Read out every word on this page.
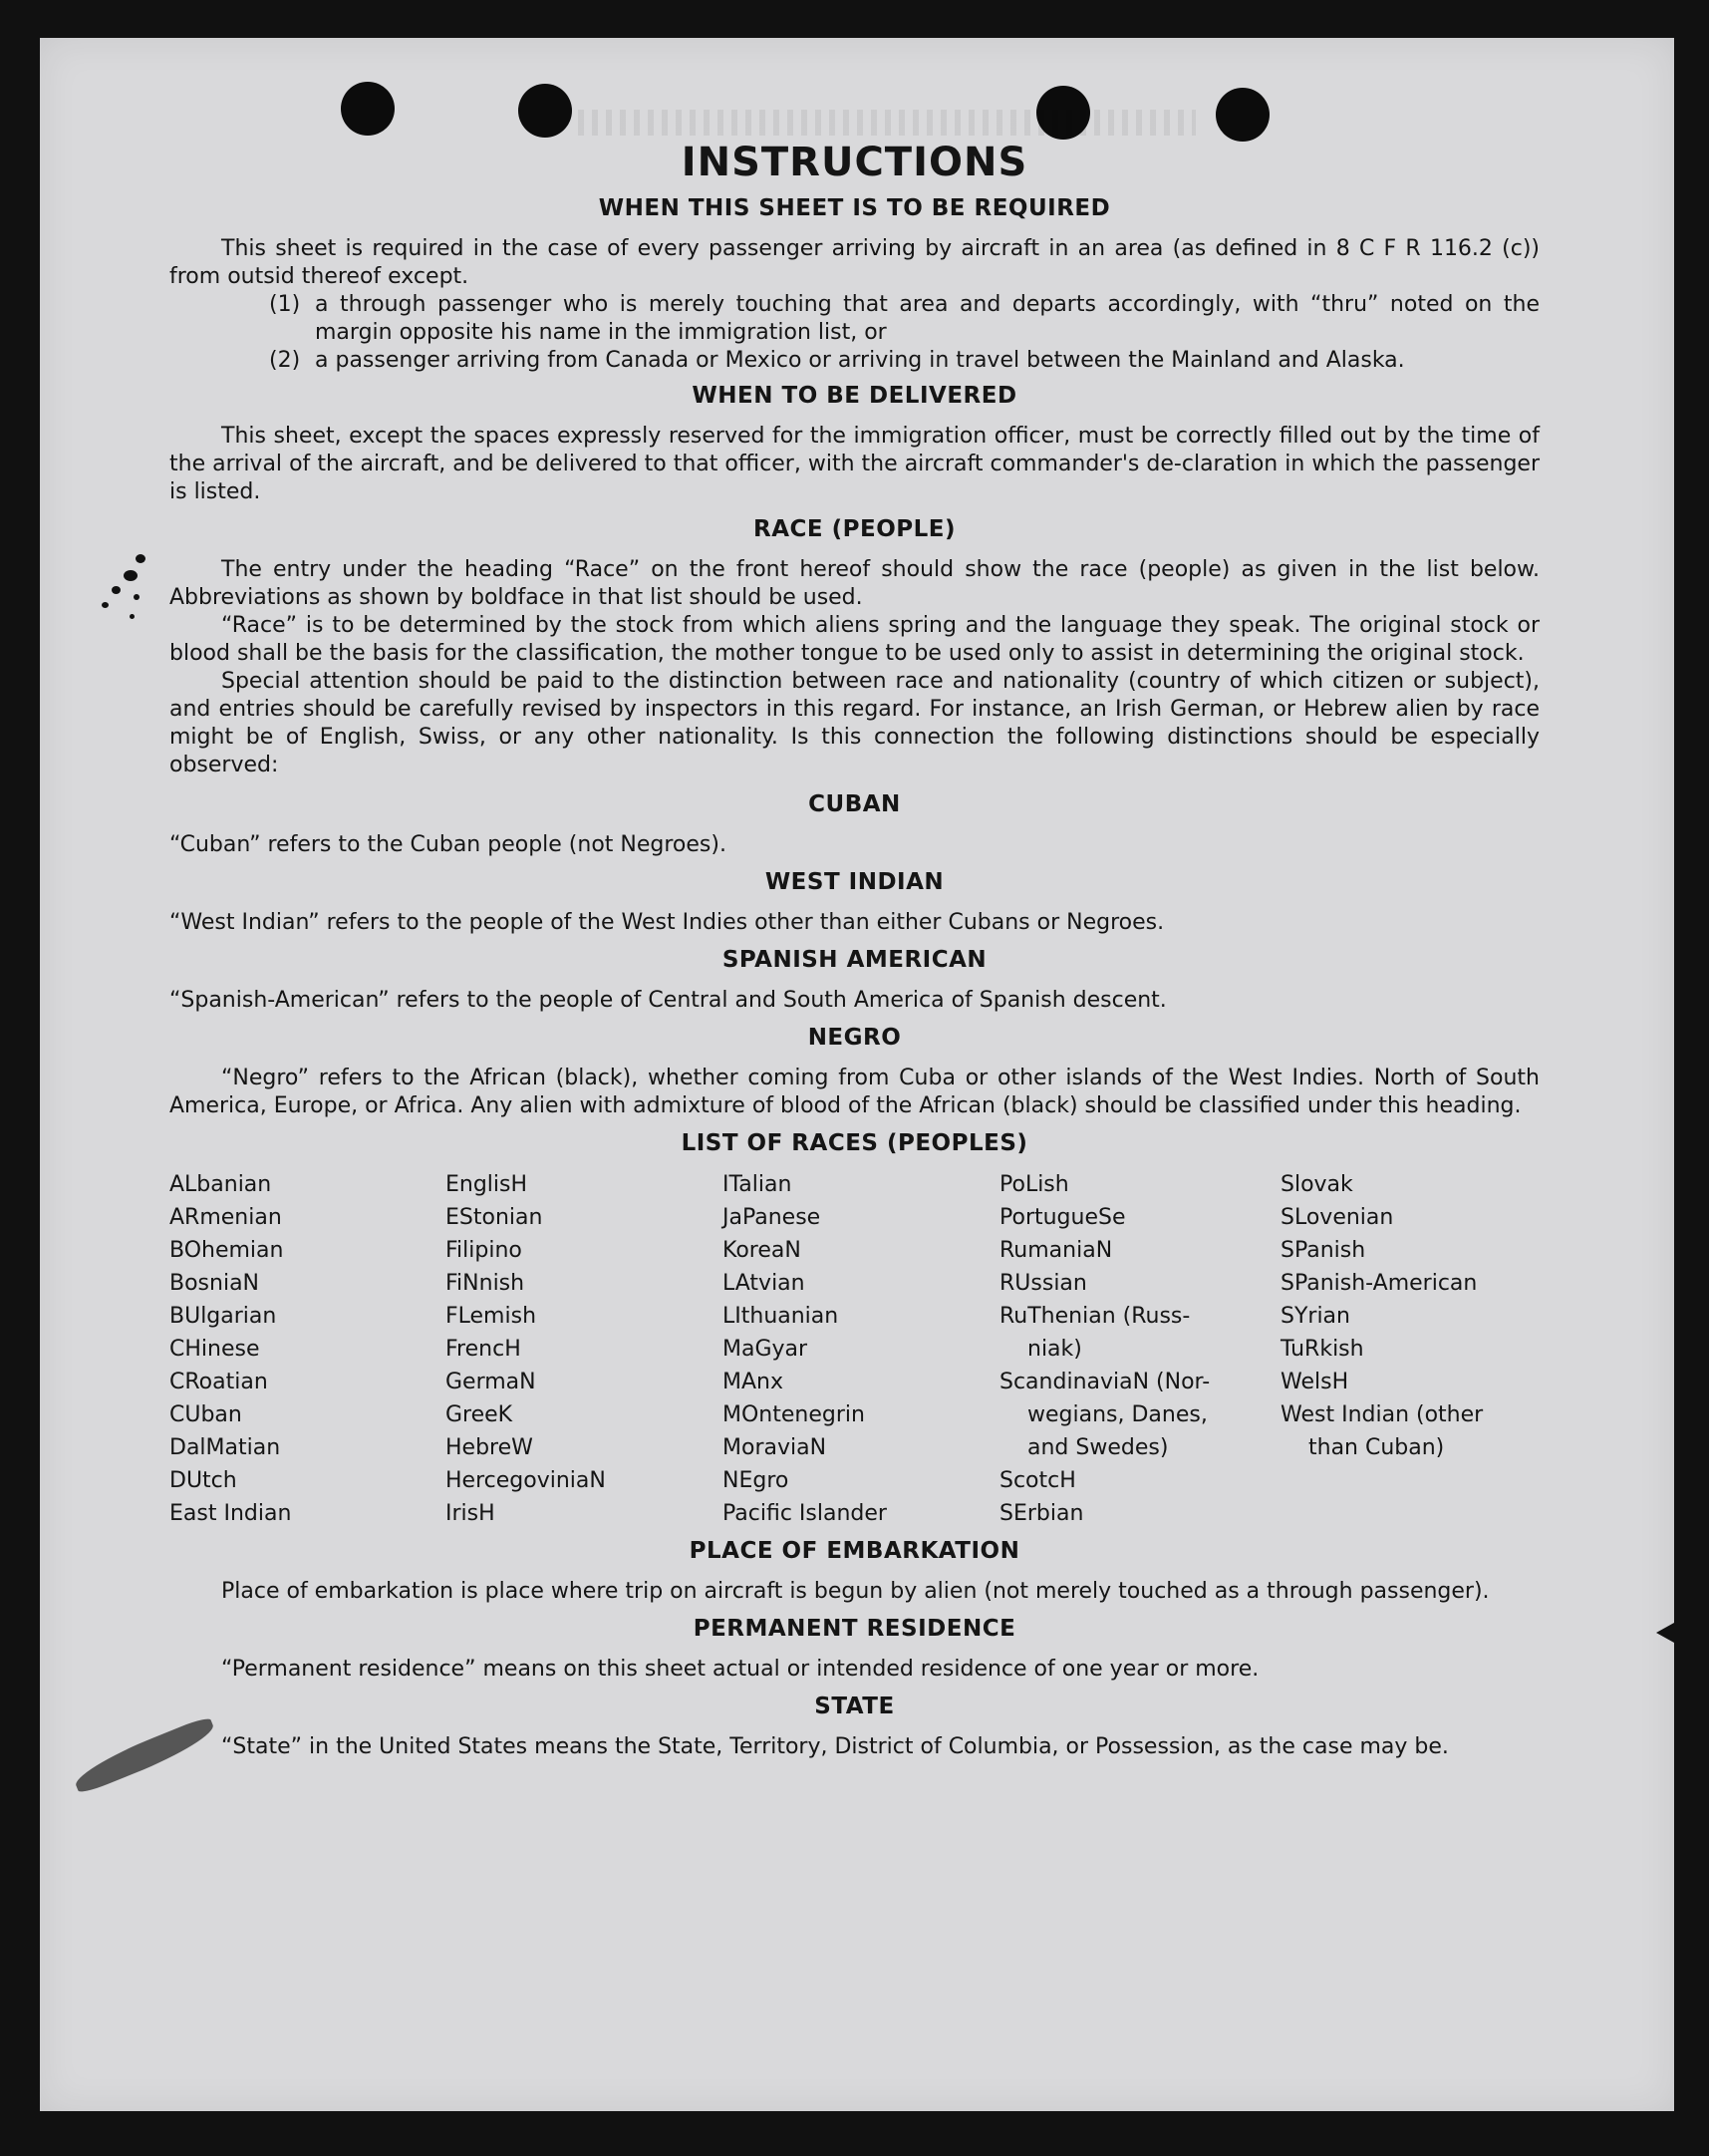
INSTRUCTIONS
WHEN THIS SHEET IS TO BE REQUIRED

This sheet is required in the case of every passenger arriving by aircraft in an area (as defined in 8 C F R 116.2 (c)) from outsid thereof except.

(1) a through passenger who is merely touching that area and departs accordingly, with “thru” noted on the margin opposite his name in the immigration list, or
(2) a passenger arriving from Canada or Mexico or arriving in travel between the Mainland and Alaska.
WHEN TO BE DELIVERED

This sheet, except the spaces expressly reserved for the immigration officer, must be correctly filled out by the time of the arrival of the aircraft, and be delivered to that officer, with the aircraft commander's de-claration in which the passenger is listed.

RACE (PEOPLE)

The entry under the heading “Race” on the front hereof should show the race (people) as given in the list below. Abbreviations as shown by boldface in that list should be used.

“Race” is to be determined by the stock from which aliens spring and the language they speak. The original stock or blood shall be the basis for the classification, the mother tongue to be used only to assist in determining the original stock.

Special attention should be paid to the distinction between race and nationality (country of which citizen or subject), and entries should be carefully revised by inspectors in this regard. For instance, an Irish German, or Hebrew alien by race might be of English, Swiss, or any other nationality. Is this connection the following distinctions should be especially observed:

CUBAN

“Cuban” refers to the Cuban people (not Negroes).

WEST INDIAN

“West Indian” refers to the people of the West Indies other than either Cubans or Negroes.

SPANISH AMERICAN

“Spanish-American” refers to the people of Central and South America of Spanish descent.

NEGRO

“Negro” refers to the African (black), whether coming from Cuba or other islands of the West Indies. North of South America, Europe, or Africa. Any alien with admixture of blood of the African (black) should be classified under this heading.

LIST OF RACES (PEOPLES)
ALbanian
ARmenian
BOhemian
BosniaN
BUlgarian
CHinese
CRoatian
CUban
DalMatian
DUtch
East Indian
EnglisH
EStonian
Filipino
FiNnish
FLemish
FrencH
GermaN
GreeK
HebreW
HercegoviniaN
IrisH
ITalian
JaPanese
KoreaN
LAtvian
LIthuanian
MaGyar
MAnx
MOntenegrin
MoraviaN
NEgro
Pacific Islander
PoLish
PortugueSe
RumaniaN
RUssian
RuThenian (Russ-
niak)
ScandinaviaN (Nor-
wegians, Danes,
and Swedes)
ScotcH
SErbian
Slovak
SLovenian
SPanish
SPanish-American
SYrian
TuRkish
WelsH
West Indian (other
than Cuban)
PLACE OF EMBARKATION

Place of embarkation is place where trip on aircraft is begun by alien (not merely touched as a through passenger).

PERMANENT RESIDENCE

“Permanent residence” means on this sheet actual or intended residence of one year or more.

STATE

“State” in the United States means the State, Territory, District of Columbia, or Possession, as the case may be.
